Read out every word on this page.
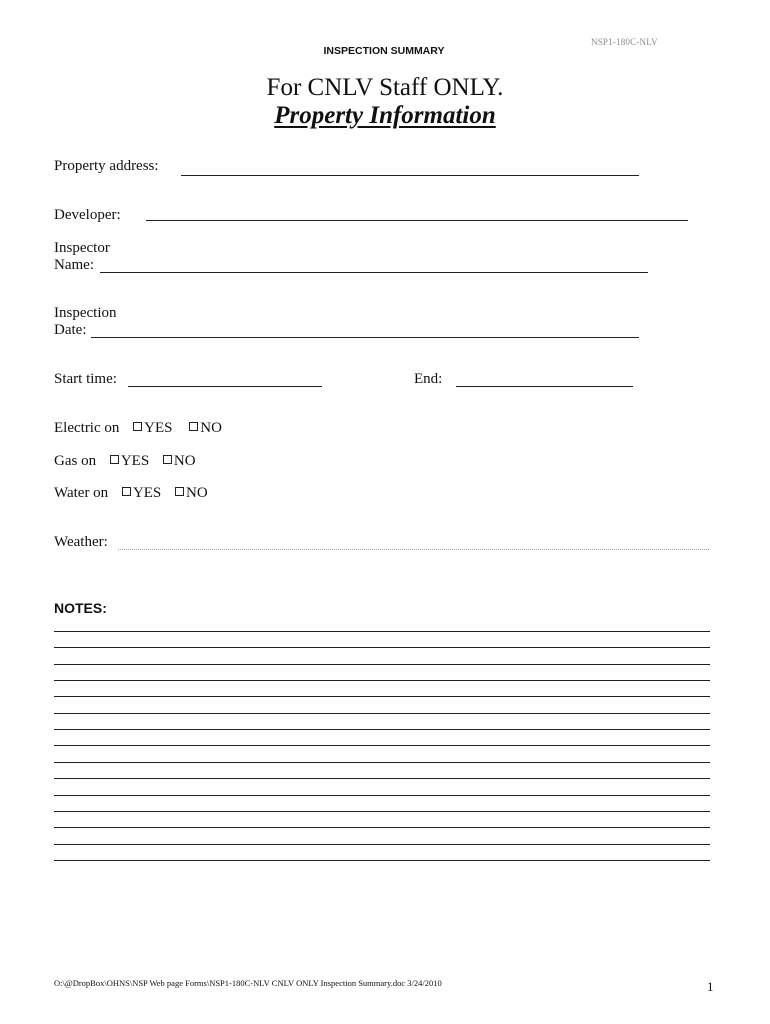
NSP1-180C-NLV
INSPECTION SUMMARY
For CNLV Staff ONLY.
Property Information
Property address:
Developer:
Inspector
Name:
Inspection
Date:
Start time:	End:
Electric on YES NO
Gas on YES NO
Water on YES NO
Weather:
NOTES:
O:\@DropBox\OHNS\NSP Web page Forms\NSP1-180C-NLV CNLV ONLY Inspection Summary.doc 3/24/2010	1
